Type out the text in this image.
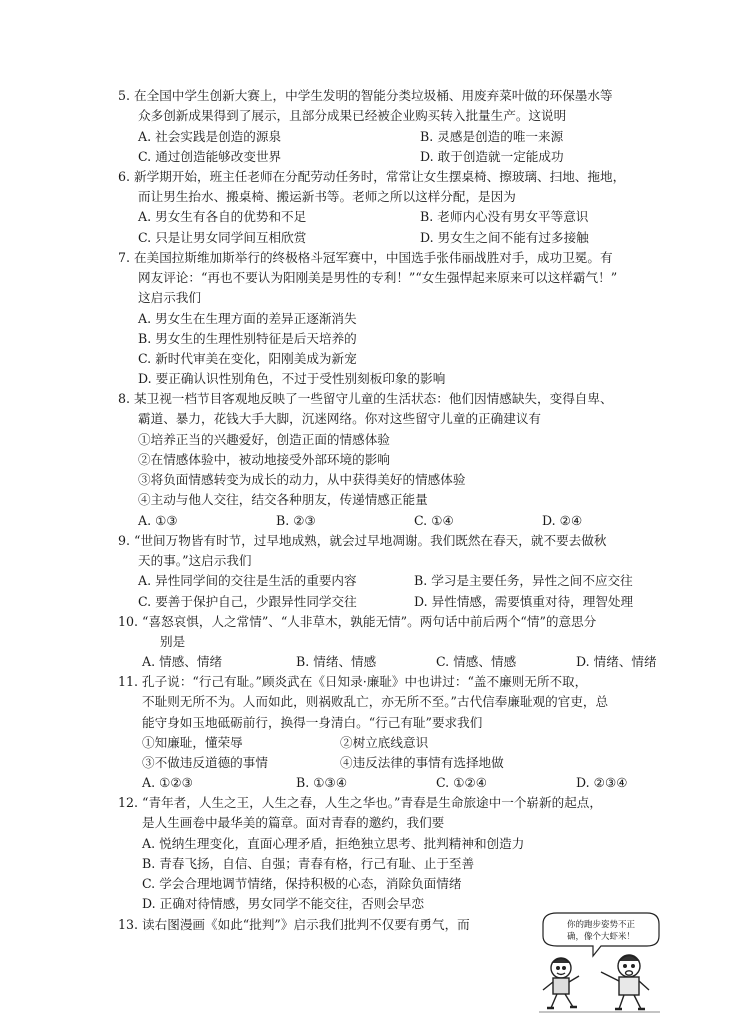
5. 在全国中学生创新大赛上，中学生发明的智能分类垃圾桶、用废弃菜叶做的环保墨水等
众多创新成果得到了展示，且部分成果已经被企业购买转入批量生产。这说明
A. 社会实践是创造的源泉	B. 灵感是创造的唯一来源
C. 通过创造能够改变世界	D. 敢于创造就一定能成功
6. 新学期开始，班主任老师在分配劳动任务时，常常让女生摆桌椅、擦玻璃、扫地、拖地，
而让男生抬水、搬桌椅、搬运新书等。老师之所以这样分配，是因为
A. 男女生有各自的优势和不足	B. 老师内心没有男女平等意识
C. 只是让男女同学间互相欣赏	D. 男女生之间不能有过多接触
7. 在美国拉斯维加斯举行的终极格斗冠军赛中，中国选手张伟丽战胜对手，成功卫冕。有
网友评论：“再也不要认为阳刚美是男性的专利！”“女生强悍起来原来可以这样霸气！”
这启示我们
A. 男女生在生理方面的差异正逐渐消失
B. 男女生的生理性别特征是后天培养的
C. 新时代审美在变化，阳刚美成为新宠
D. 要正确认识性别角色，不过于受性别刻板印象的影响
8. 某卫视一档节目客观地反映了一些留守儿童的生活状态：他们因情感缺失，变得自卑、
霸道、暴力，花钱大手大脚，沉迷网络。你对这些留守儿童的正确建议有
①培养正当的兴趣爱好，创造正面的情感体验
②在情感体验中，被动地接受外部环境的影响
③将负面情感转变为成长的动力，从中获得美好的情感体验
④主动与他人交往，结交各种朋友，传递情感正能量
A. ①③	B. ②③	C. ①④	D. ②④
9. “世间万物皆有时节，过早地成熟，就会过早地凋谢。我们既然在春天，就不要去做秋
天的事。”这启示我们
A. 异性同学间的交往是生活的重要内容	B. 学习是主要任务，异性之间不应交往
C. 要善于保护自己，少跟异性同学交往	D. 异性情感，需要慎重对待，理智处理
10. “喜怒哀惧，人之常情”、“人非草木，孰能无情”。两句话中前后两个“情”的意思分
别是
A. 情感、情绪	B. 情绪、情感	C. 情感、情感	D. 情绪、情绪
11. 孔子说：“行己有耻。”顾炎武在《日知录·廉耻》中也讲过：“盖不廉则无所不取，
不耻则无所不为。人而如此，则祸败乱亡，亦无所不至。”古代信奉廉耻观的官吏，总
能守身如玉地砥砺前行，换得一身清白。“行己有耻”要求我们
①知廉耻，懂荣辱	②树立底线意识
③不做违反道德的事情	④违反法律的事情有选择地做
A. ①②③	B. ①③④	C. ①②④	D. ②③④
12. “青年者，人生之王，人生之春，人生之华也。”青春是生命旅途中一个崭新的起点，
是人生画卷中最华美的篇章。面对青春的邀约，我们要
A. 悦纳生理变化，直面心理矛盾，拒绝独立思考、批判精神和创造力
B. 青春飞扬，自信、自强；青春有格，行己有耻、止于至善
C. 学会合理地调节情绪，保持积极的心态，消除负面情绪
D. 正确对待情感，男女同学不能交往，否则会早恋
13. 读右图漫画《如此“批判”》启示我们批判不仅要有勇气，而	你的跑步姿势不正
确，像个大虾米！
